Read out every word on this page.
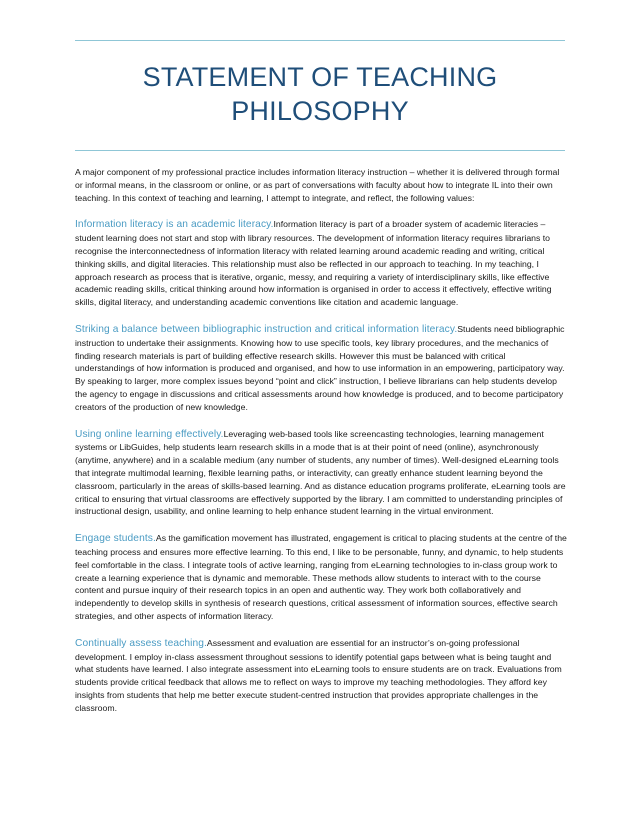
STATEMENT OF TEACHING
PHILOSOPHY

A major component of my professional practice includes information literacy instruction – whether it is delivered through formal or informal means, in the classroom or online, or as part of conversations with faculty about how to integrate IL into their own teaching. In this context of teaching and learning, I attempt to integrate, and reflect, the following values:

Information literacy is an academic literacy.Information literacy is part of a broader system of academic literacies –student learning does not start and stop with library resources. The development of information literacy requires librarians to recognise the interconnectedness of information literacy with related learning around academic reading and writing, critical thinking skills, and digital literacies. This relationship must also be reflected in our approach to teaching. In my teaching, I approach research as process that is iterative, organic, messy, and requiring a variety of interdisciplinary skills, like effective academic reading skills, critical thinking around how information is organised in order to access it effectively, effective writing skills, digital literacy, and understanding academic conventions like citation and academic language.

Striking a balance between bibliographic instruction and critical information literacy.Students need bibliographic instruction to undertake their assignments. Knowing how to use specific tools, key library procedures, and the mechanics of finding research materials is part of building effective research skills. However this must be balanced with critical understandings of how information is produced and organised, and how to use information in an empowering, participatory way. By speaking to larger, more complex issues beyond “point and click” instruction, I believe librarians can help students develop the agency to engage in discussions and critical assessments around how knowledge is produced, and to become participatory creators of the production of new knowledge.

Using online learning effectively.Leveraging web-based tools like screencasting technologies, learning management systems or LibGuides, help students learn research skills in a mode that is at their point of need (online), asynchronously (anytime, anywhere) and in a scalable medium (any number of students, any number of times). Well-designed eLearning tools that integrate multimodal learning, flexible learning paths, or interactivity, can greatly enhance student learning beyond the classroom, particularly in the areas of skills-based learning. And as distance education programs proliferate, eLearning tools are critical to ensuring that virtual classrooms are effectively supported by the library. I am committed to understanding principles of instructional design, usability, and online learning to help enhance student learning in the virtual environment.

Engage students.As the gamification movement has illustrated, engagement is critical to placing students at the centre of the teaching process and ensures more effective learning. To this end, I like to be personable, funny, and dynamic, to help students feel comfortable in the class. I integrate tools of active learning, ranging from eLearning technologies to in-class group work to create a learning experience that is dynamic and memorable. These methods allow students to interact with to the course content and pursue inquiry of their research topics in an open and authentic way. They work both collaboratively and independently to develop skills in synthesis of research questions, critical assessment of information sources, effective search strategies, and other aspects of information literacy.

Continually assess teaching.Assessment and evaluation are essential for an instructor’s on-going professional development. I employ in-class assessment throughout sessions to identify potential gaps between what is being taught and what students have learned. I also integrate assessment into eLearning tools to ensure students are on track. Evaluations from students provide critical feedback that allows me to reflect on ways to improve my teaching methodologies. They afford key insights from students that help me better execute student-centred instruction that provides appropriate challenges in the classroom.
